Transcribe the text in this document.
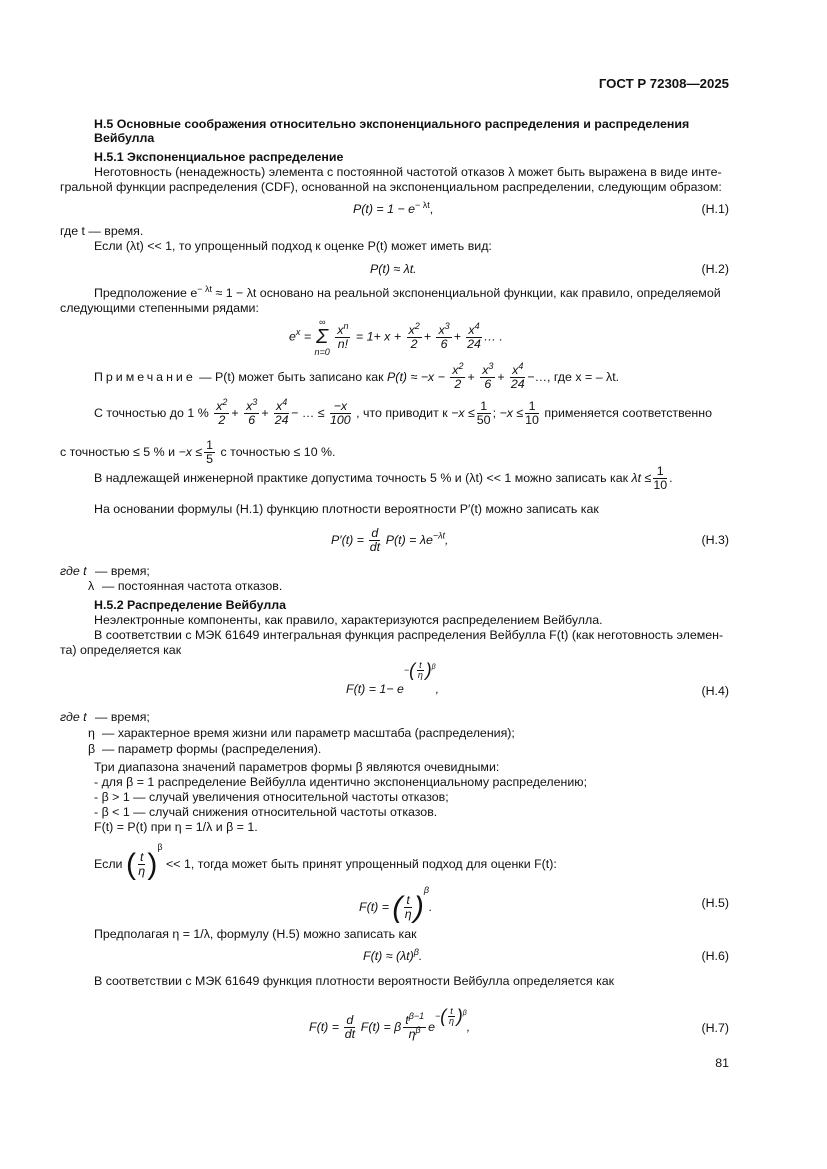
ГОСТ Р 72308—2025
Н.5 Основные соображения относительно экспоненциального распределения и распределения
Вейбулла
Н.5.1 Экспоненциальное распределение
Неготовность (ненадежность) элемента с постоянной частотой отказов λ может быть выражена в виде инте-
гральной функции распределения (CDF), основанной на экспоненциальном распределении, следующим образом:
$P(t) = 1 - e^{- \lambda t}$,	(Н.1)
где t — время.
Если (λt) << 1, то упрощенный подход к оценке P(t) может иметь вид:
P(t) ≈ λt.	(Н.2)
Предположение $e^{- \lambda t} \approx 1 - \lambda t$ основано на реальной экспоненциальной функции, как правило, определяемой
следующими степенными рядами:
$e^x$ = ∞
Σ
n=0
$\frac{x^n}{n!} = 1+ x + \frac{x^2}{2} + \frac{x^3}{6} + \frac{x^4}{24}$ … .
Примечание — P(t) может быть записано как $P(t) \approx -x - \frac{x^2}{2} + \frac{x^3}{6} + \frac{x^4}{24}$ −…, где x = – λt.
С точностью до 1 % $\frac{x^2}{2} + \frac{x^3}{6} + \frac{x^4}{24}$ − … ≤ $\frac{-x}{100}$ , что приводит $к -x \le \frac{1}{50}$ ; $-x \le \frac{1}{10}$ применяется соответственно
с точностью ≤ 5 % $и -x \le \frac{1}{5}$ с точностью ≤ 10 %.
В надлежащей инженерной практике допустима точность 5 % и (λt) << 1 можно записать как $\lambda t \le \frac{1}{10}$ .
На основании формулы (Н.1) функцию плотности вероятности P′(t) можно записать как
$P'(t) = \frac{d}{dt} P(t) = \lambda e^{-\lambda t}$,	(Н.3)
где t — время;
λ — постоянная частота отказов.
Н.5.2 Распределение Вейбулла
Неэлектронные компоненты, как правило, характеризуются распределением Вейбулла.
В соответствии с МЭК 61649 интегральная функция распределения Вейбулла F(t) (как неготовность элемен-
та) определяется как
$F(t) = 1- e-( \frac{t}{\eta} )^\beta$,	(Н.4)
где t — время;
η — характерное время жизни или параметр масштаба (распределения);
β — параметр формы (распределения).
Три диапазона значений параметров формы β являются очевидными:
- для β = 1 распределение Вейбулла идентично экспоненциальному распределению;
- β > 1 — случай увеличения относительной частоты отказов;
- β < 1 — случай снижения относительной частоты отказов.
F(t) = P(t) при η = 1/λ и β = 1.
Если ( $\frac{t}{\eta} )^\beta << 1$, тогда может быть принят упрощенный подход для оценки F(t):
F(t) = ( $\frac{t}{\eta} )^\beta$.	(Н.5)
Предполагая η = 1/λ, формулу (Н.5) можно записать как
$F(t) \approx (\lambda t)^\beta$.	(Н.6)
В соответствии с МЭК 61649 функция плотности вероятности Вейбулла определяется как
$F(t) = \frac{d}{dt} F(t) = \beta \frac{t^{\beta-1}}{\eta^\beta} e-( \frac{t}{\eta} )^\beta$,	(Н.7)
81
